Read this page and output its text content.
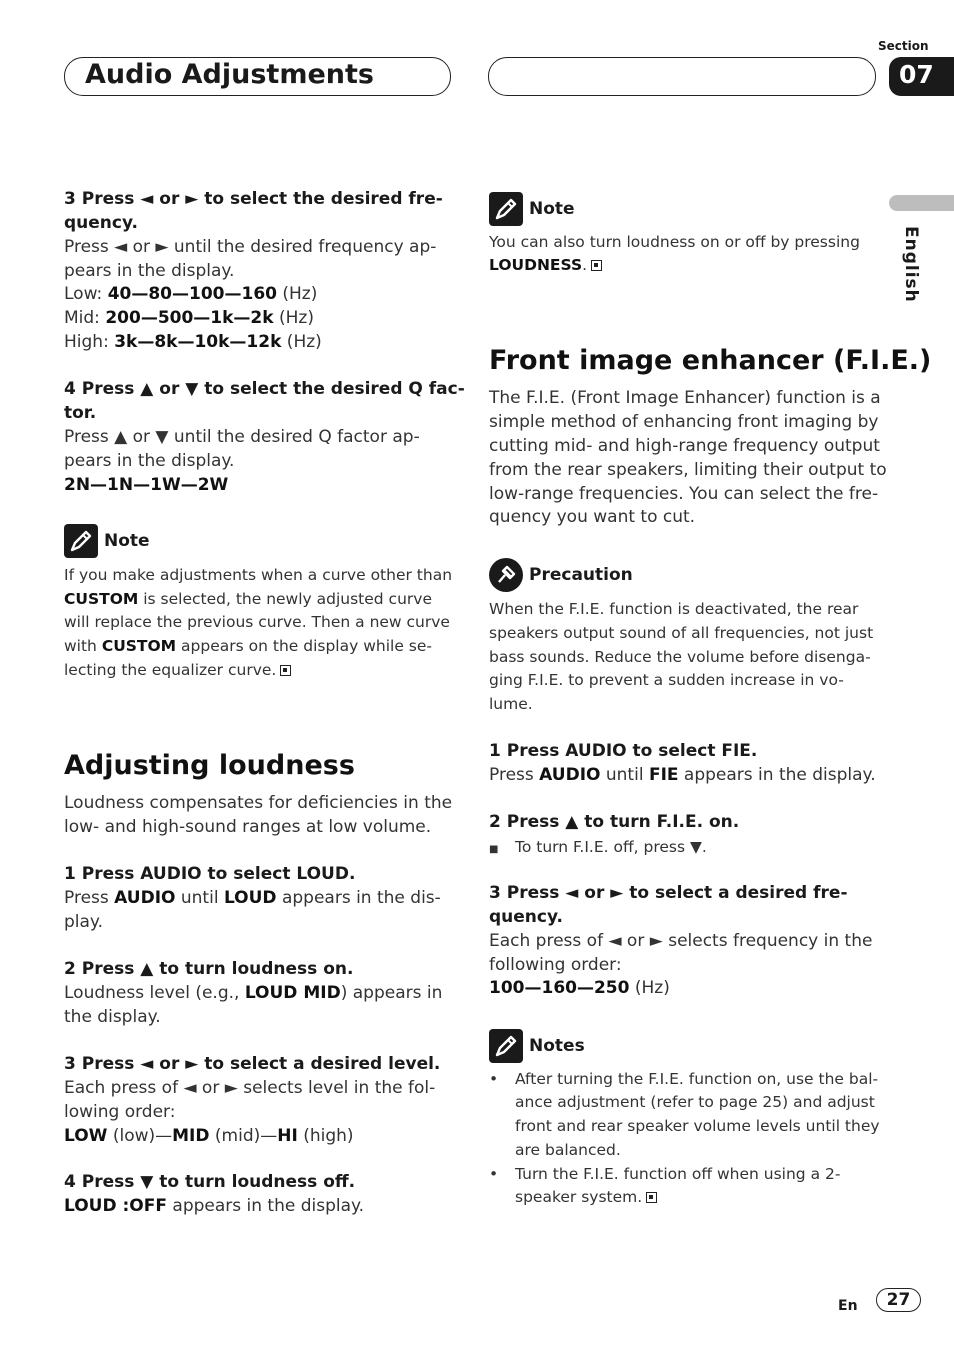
Audio Adjustments
Section
07
English
3 Press ◄ or ► to select the desired fre-
quency.
Press ◄ or ► until the desired frequency ap-
pears in the display.
Low: 40—80—100—160 (Hz)
Mid: 200—500—1k—2k (Hz)
High: 3k—8k—10k—12k (Hz)
4 Press ▲ or ▼ to select the desired Q fac-
tor.
Press ▲ or ▼ until the desired Q factor ap-
pears in the display.
2N—1N—1W—2W
Note
If you make adjustments when a curve other than
CUSTOM is selected, the newly adjusted curve
will replace the previous curve. Then a new curve
with CUSTOM appears on the display while se-
lecting the equalizer curve.
Adjusting loudness
Loudness compensates for deficiencies in the
low- and high-sound ranges at low volume.
1 Press AUDIO to select LOUD.
Press AUDIO until LOUD appears in the dis-
play.
2 Press ▲ to turn loudness on.
Loudness level (e.g., LOUD MID) appears in
the display.
3 Press ◄ or ► to select a desired level.
Each press of ◄ or ► selects level in the fol-
lowing order:
LOW (low)—MID (mid)—HI (high)
4 Press ▼ to turn loudness off.
LOUD :OFF appears in the display.
Note
You can also turn loudness on or off by pressing
LOUDNESS.
Front image enhancer (F.I.E.)
The F.I.E. (Front Image Enhancer) function is a
simple method of enhancing front imaging by
cutting mid- and high-range frequency output
from the rear speakers, limiting their output to
low-range frequencies. You can select the fre-
quency you want to cut.
Precaution
When the F.I.E. function is deactivated, the rear
speakers output sound of all frequencies, not just
bass sounds. Reduce the volume before disenga-
ging F.I.E. to prevent a sudden increase in vo-
lume.
1 Press AUDIO to select FIE.
Press AUDIO until FIE appears in the display.
2 Press ▲ to turn F.I.E. on.
■ To turn F.I.E. off, press ▼.
3 Press ◄ or ► to select a desired fre-
quency.
Each press of ◄ or ► selects frequency in the
following order:
100—160—250 (Hz)
Notes
• After turning the F.I.E. function on, use the bal-
ance adjustment (refer to page 25) and adjust
front and rear speaker volume levels until they
are balanced.
• Turn the F.I.E. function off when using a 2-
speaker system.
En	27
